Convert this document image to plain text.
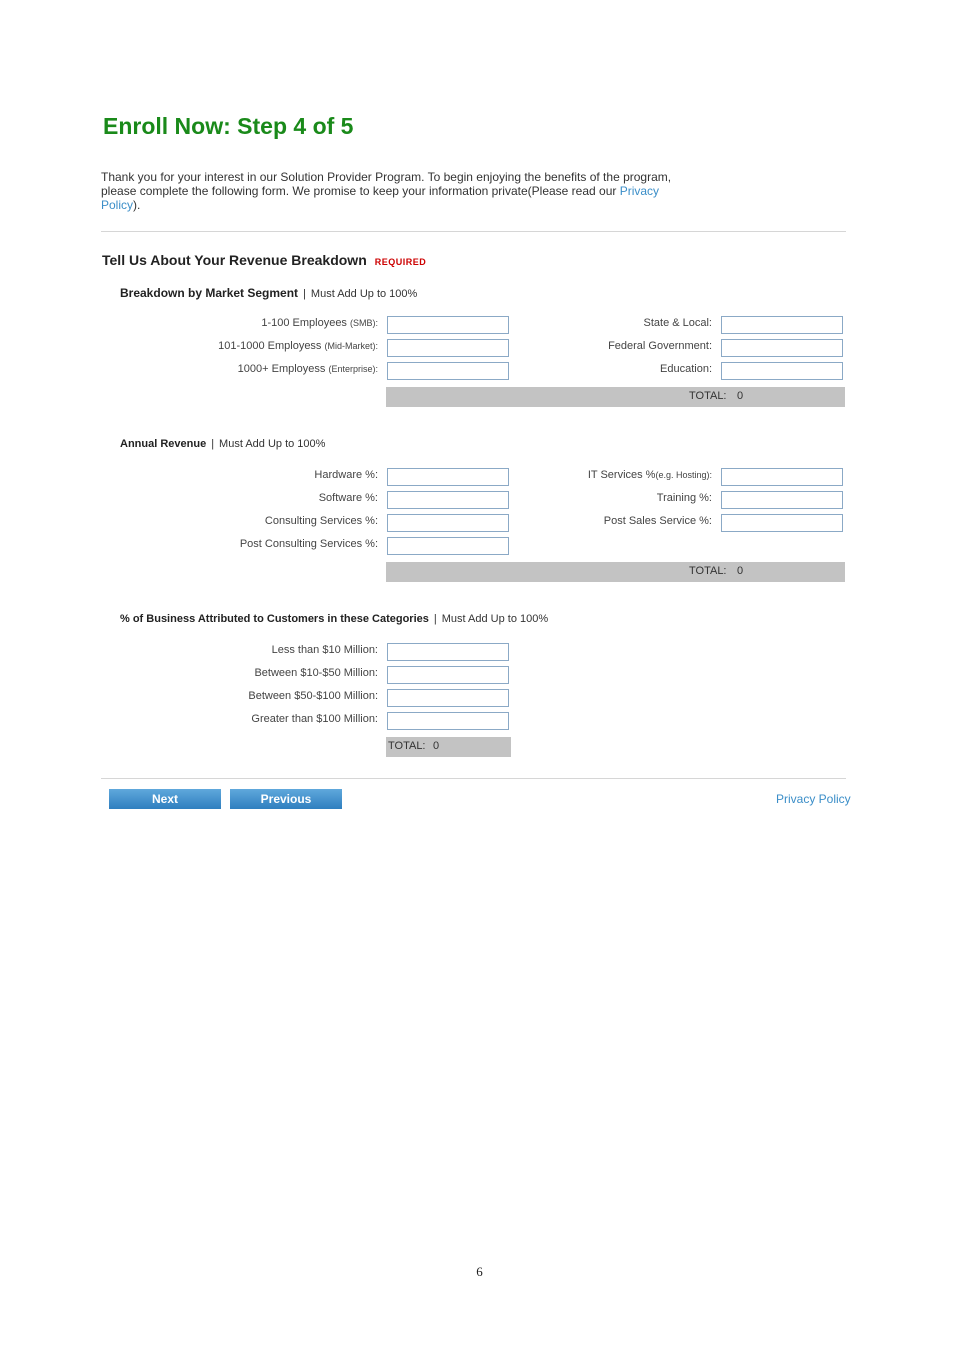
Enroll Now: Step 4 of 5
Thank you for your interest in our Solution Provider Program. To begin enjoying the benefits of the program, please complete the following form. We promise to keep your information private(Please read our Privacy Policy).
Tell Us About Your Revenue Breakdown REQUIRED
Breakdown by Market Segment | Must Add Up to 100%
1-100 Employees (SMB):
101-1000 Employess (Mid-Market):
1000+ Employess (Enterprise):
State & Local:
Federal Government:
Education:
TOTAL: 0
Annual Revenue | Must Add Up to 100%
Hardware %:
Software %:
Consulting Services %:
Post Consulting Services %:
IT Services %(e.g. Hosting):
Training %:
Post Sales Service %:
TOTAL: 0
% of Business Attributed to Customers in these Categories | Must Add Up to 100%
Less than $10 Million:
Between $10-$50 Million:
Between $50-$100 Million:
Greater than $100 Million:
TOTAL: 0
Next	Previous	Privacy Policy
6
